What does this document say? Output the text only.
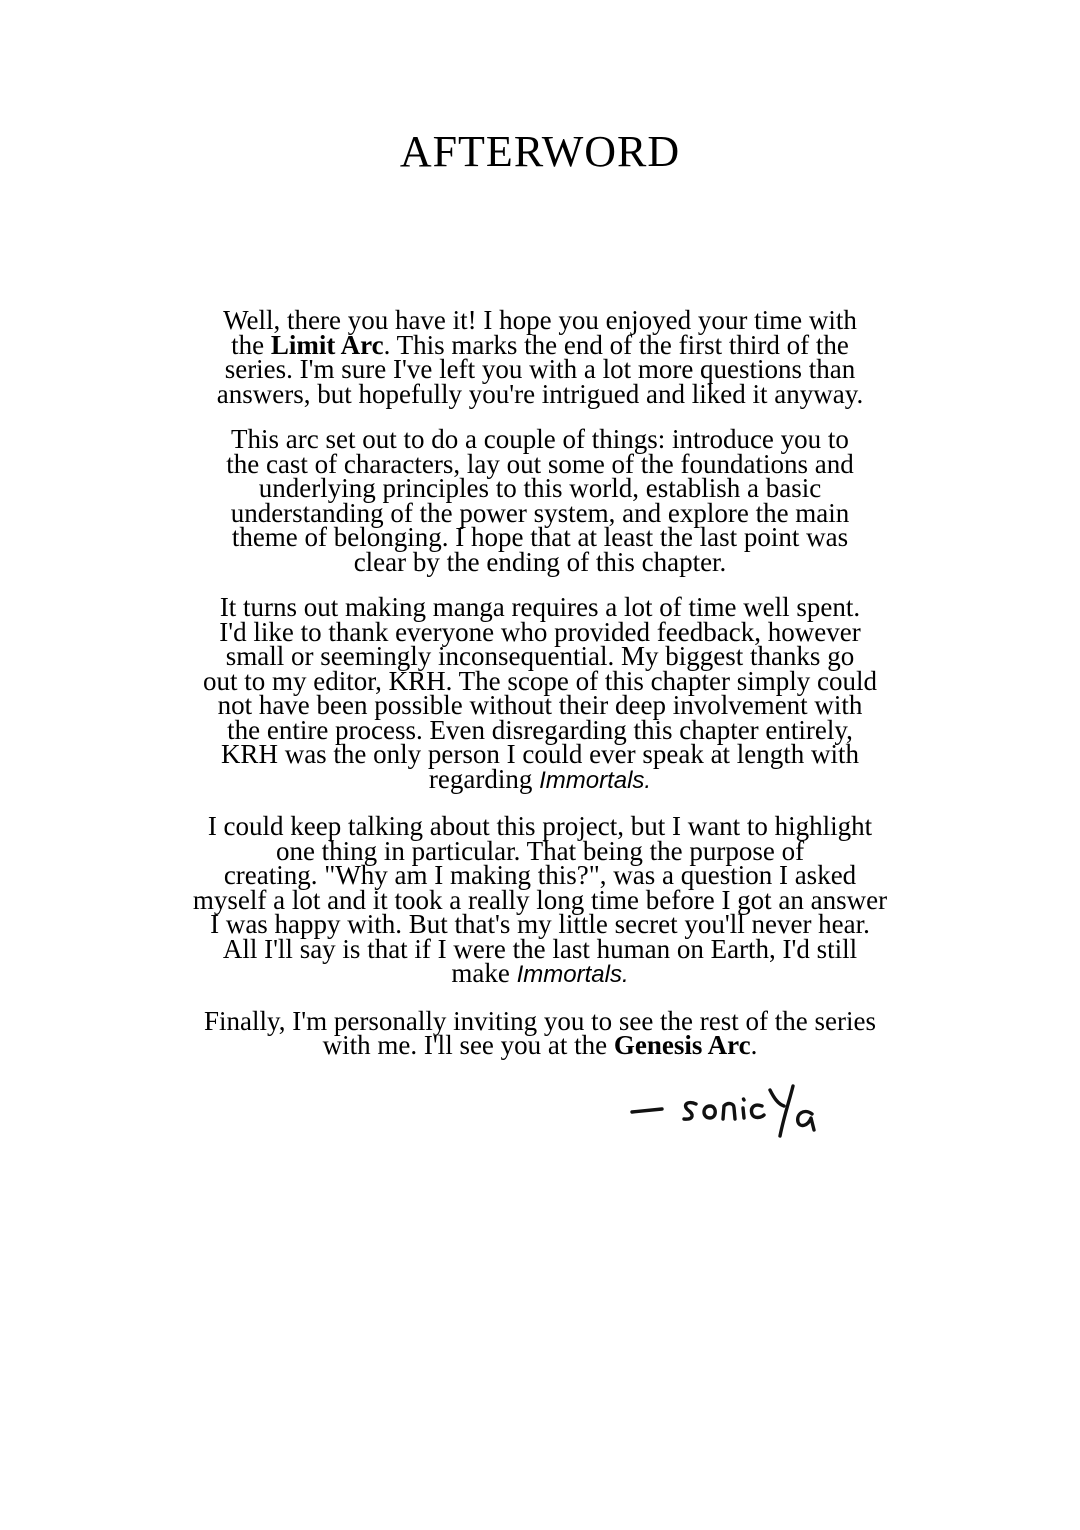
AFTERWORD
Well, there you have it! I hope you enjoyed your time with
the Limit Arc. This marks the end of the first third of the
series. I'm sure I've left you with a lot more questions than
answers, but hopefully you're intrigued and liked it anyway.
This arc set out to do a couple of things: introduce you to
the cast of characters, lay out some of the foundations and
underlying principles to this world, establish a basic
understanding of the power system, and explore the main
theme of belonging. I hope that at least the last point was
clear by the ending of this chapter.
It turns out making manga requires a lot of time well spent.
I'd like to thank everyone who provided feedback, however
small or seemingly inconsequential. My biggest thanks go
out to my editor, KRH. The scope of this chapter simply could
not have been possible without their deep involvement with
the entire process. Even disregarding this chapter entirely,
KRH was the only person I could ever speak at length with
regarding Immortals.
I could keep talking about this project, but I want to highlight
one thing in particular. That being the purpose of
creating. "Why am I making this?", was a question I asked
myself a lot and it took a really long time before I got an answer
I was happy with. But that's my little secret you'll never hear.
All I'll say is that if I were the last human on Earth, I'd still
make Immortals.
Finally, I'm personally inviting you to see the rest of the series
with me. I'll see you at the Genesis Arc.
